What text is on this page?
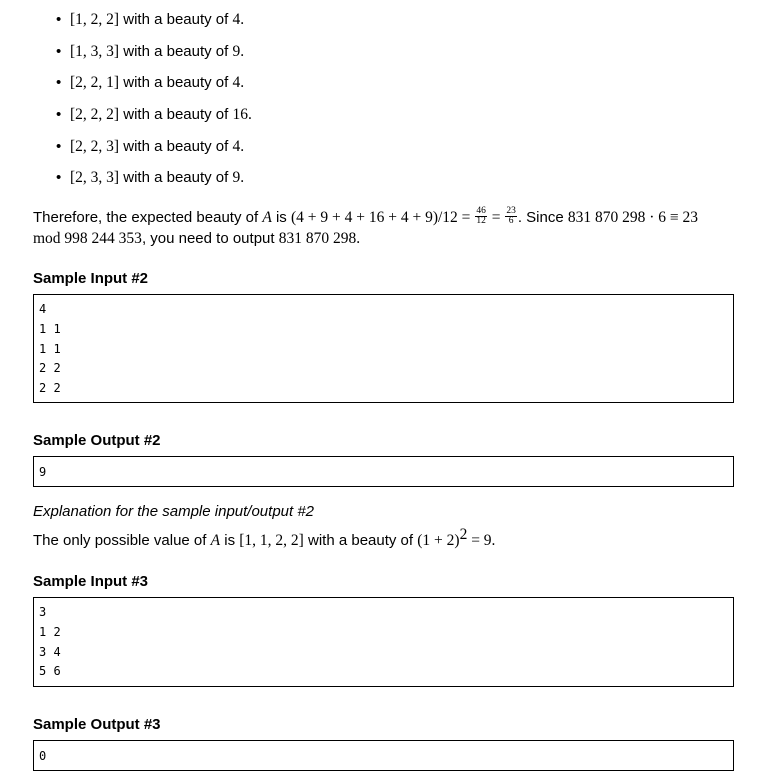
• [1, 2, 2] with a beauty of 4.
• [1, 3, 3] with a beauty of 9.
• [2, 2, 1] with a beauty of 4.
• [2, 2, 2] with a beauty of 16.
• [2, 2, 3] with a beauty of 4.
• [2, 3, 3] with a beauty of 9.
Therefore, the expected beauty of A is $(4 + 9 + 4 + 16 + 4 + 9)/12 = \frac{46}{12} = \frac{23}{6}$ . Since 831 870 298 · 6 ≡ 23
mod 998 244 353, you need to output 831 870 298.
Sample Input #2
4
1 1
1 1
2 2
2 2
Sample Output #2
9
Explanation for the sample input/output #2
The only possible value of A is [1, 1, 2, 2] with a beauty of $(1 + 2)^2 = 9$.
Sample Input #3
3
1 2
3 4
5 6
Sample Output #3
0
